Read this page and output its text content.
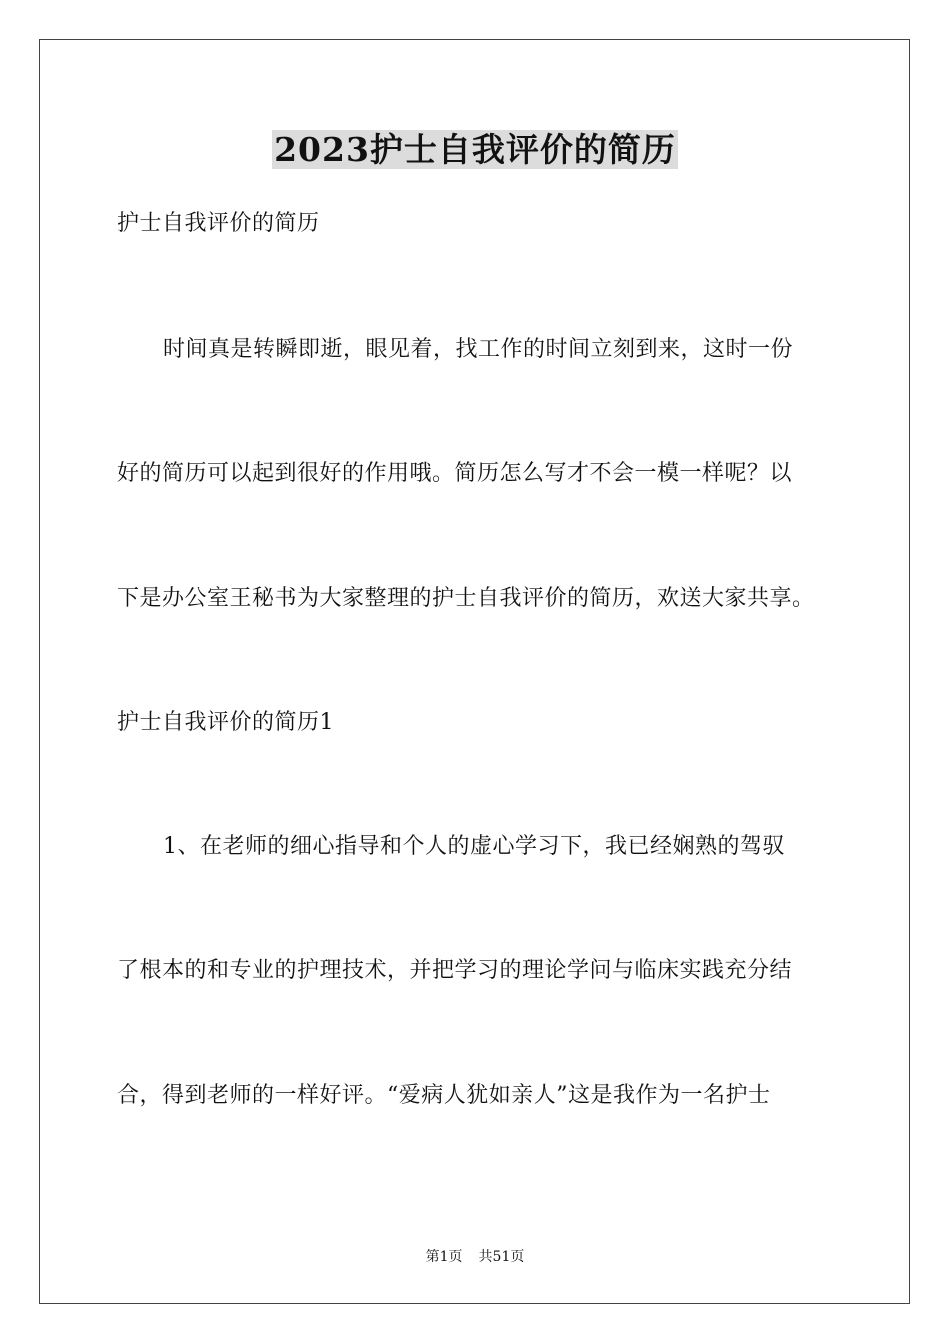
2023护士自我评价的简历
护士自我评价的简历
时间真是转瞬即逝，眼见着，找工作的时间立刻到来，这时一份
好的简历可以起到很好的作用哦。简历怎么写才不会一模一样呢？以
下是办公室王秘书为大家整理的护士自我评价的简历，欢送大家共享。
护士自我评价的简历1
1、在老师的细心指导和个人的虚心学习下，我已经娴熟的驾驭
了根本的和专业的护理技术，并把学习的理论学问与临床实践充分结
合，得到老师的一样好评。“爱病人犹如亲人”这是我作为一名护士
第1页 共51页
